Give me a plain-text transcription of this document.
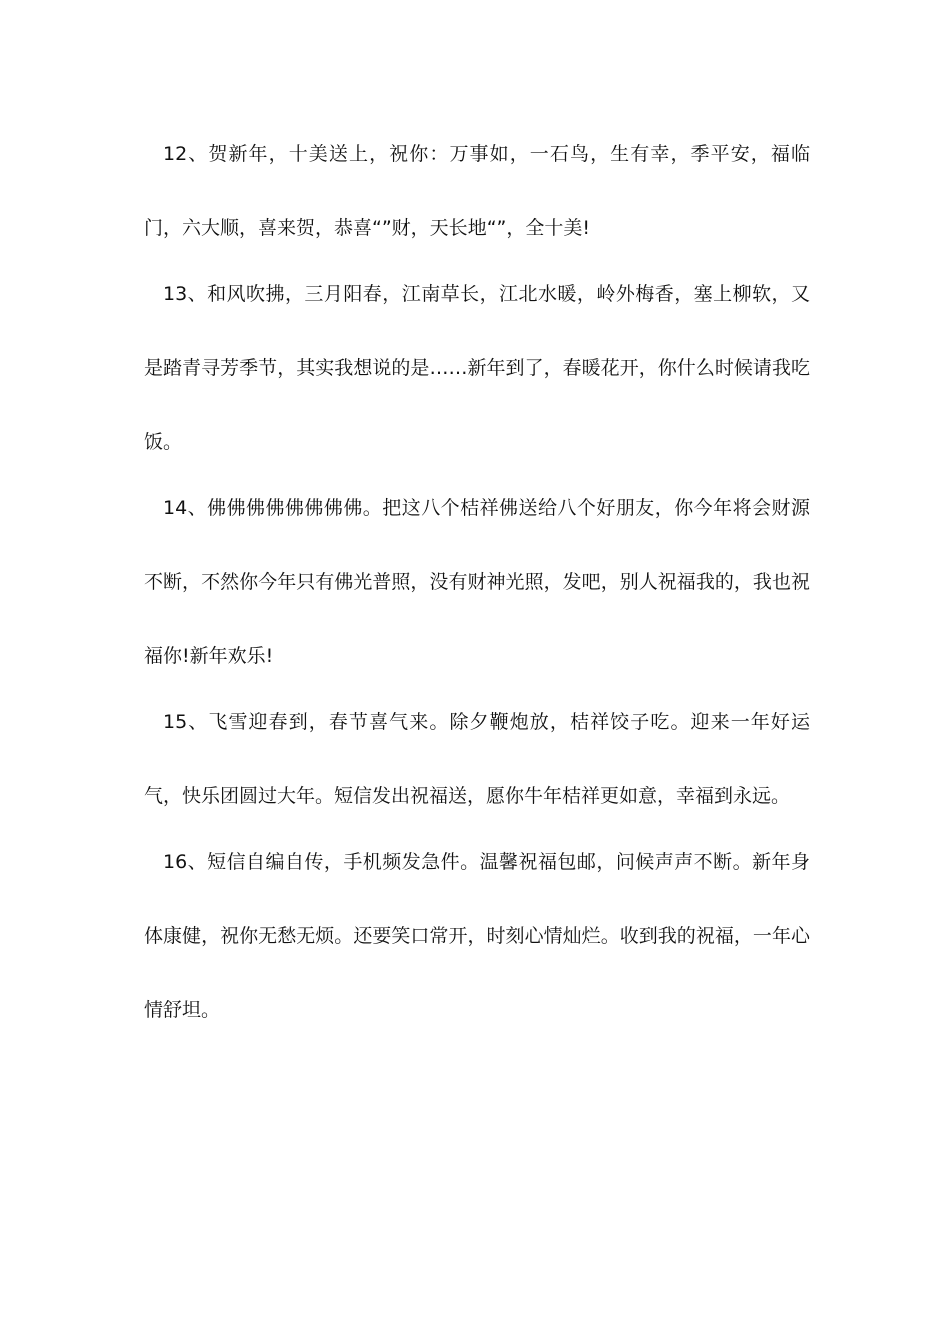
12、贺新年，十美送上，祝你：万事如，一石鸟，生有幸，季平安，福临门，六大顺，喜来贺，恭喜“”财，天长地“”，全十美!

13、和风吹拂，三月阳春，江南草长，江北水暖，岭外梅香，塞上柳软，又是踏青寻芳季节，其实我想说的是……新年到了，春暖花开，你什么时候请我吃饭。

14、佛佛佛佛佛佛佛佛。把这八个桔祥佛送给八个好朋友，你今年将会财源不断，不然你今年只有佛光普照，没有财神光照，发吧，别人祝福我的，我也祝福你!新年欢乐!

15、飞雪迎春到，春节喜气来。除夕鞭炮放，桔祥饺子吃。迎来一年好运气，快乐团圆过大年。短信发出祝福送，愿你牛年桔祥更如意，幸福到永远。

16、短信自编自传，手机频发急件。温馨祝福包邮，问候声声不断。新年身体康健，祝你无愁无烦。还要笑口常开，时刻心情灿烂。收到我的祝福，一年心情舒坦。
